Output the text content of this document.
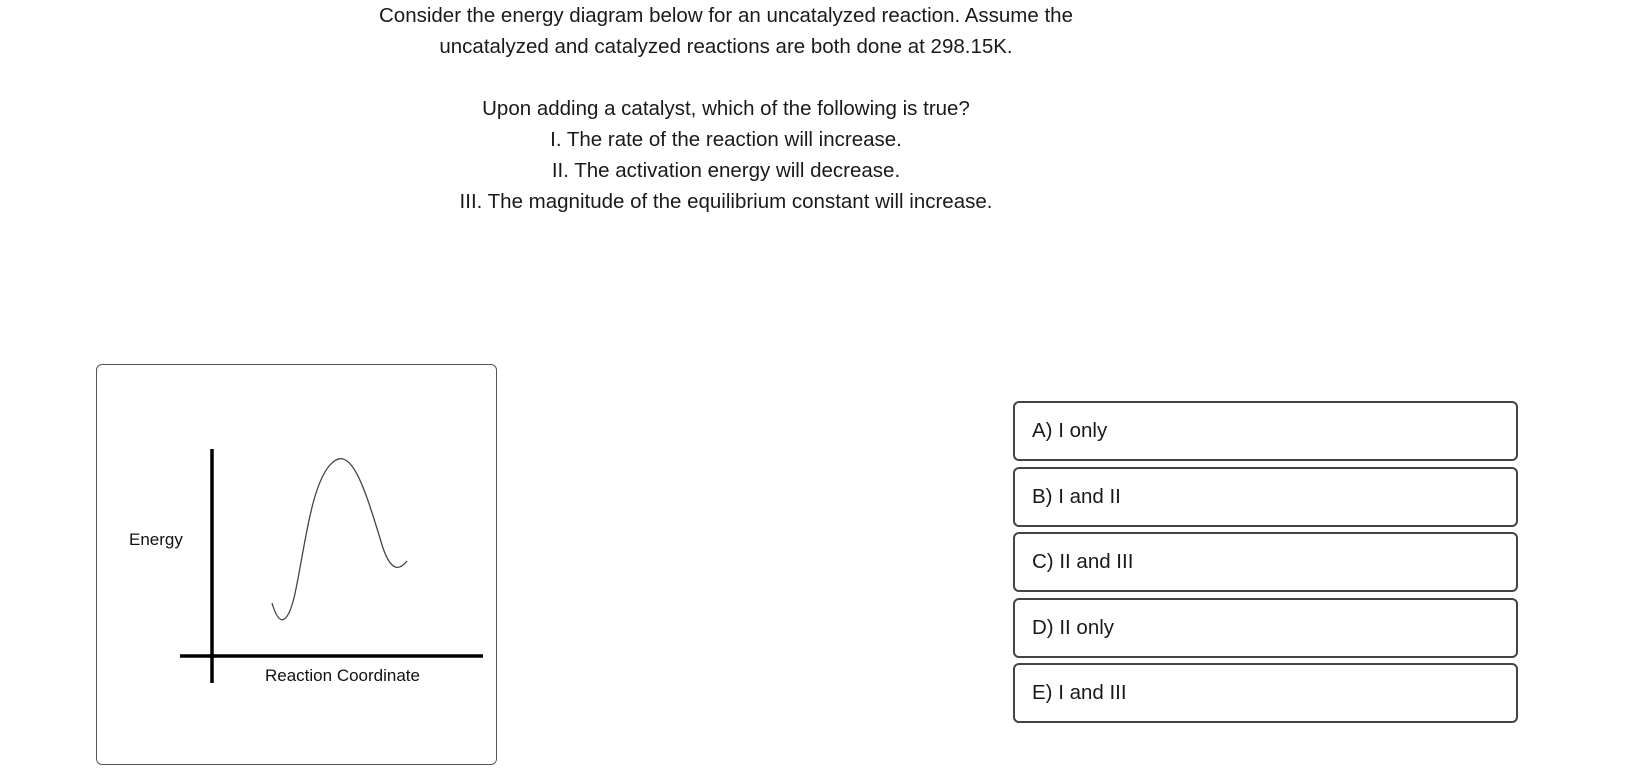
Consider the energy diagram below for an uncatalyzed reaction. Assume the

uncatalyzed and catalyzed reactions are both done at 298.15K.

Upon adding a catalyst, which of the following is true?

I. The rate of the reaction will increase.

II. The activation energy will decrease.

III. The magnitude of the equilibrium constant will increase.

Energy
Reaction Coordinate
A) I only
B) I and II
C) II and III
D) II only
E) I and III
